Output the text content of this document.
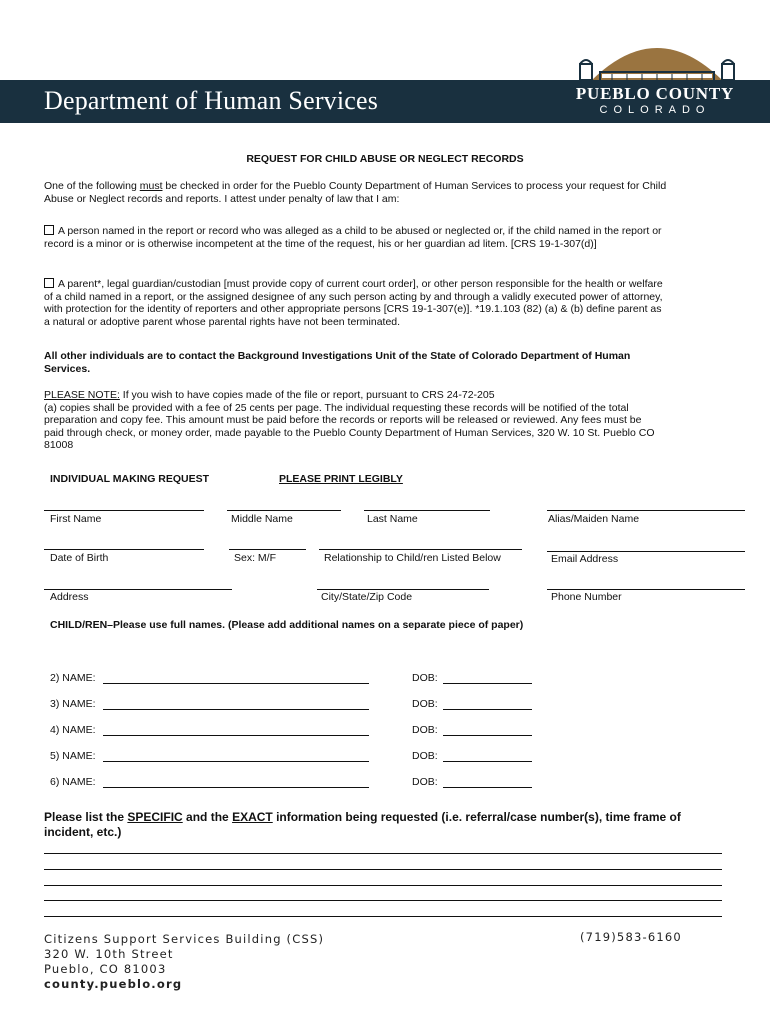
Department of Human Services	PUEBLO COUNTY
COLORADO
REQUEST FOR CHILD ABUSE OR NEGLECT RECORDS
One of the following must be checked in order for the Pueblo County Department of Human Services to process your request for Child
Abuse or Neglect records and reports. I attest under penalty of law that I am:
A person named in the report or record who was alleged as a child to be abused or neglected or, if the child named in the report or
record is a minor or is otherwise incompetent at the time of the request, his or her guardian ad litem. [CRS 19-1-307(d)]
A parent*, legal guardian/custodian [must provide copy of current court order], or other person responsible for the health or welfare
of a child named in a report, or the assigned designee of any such person acting by and through a validly executed power of attorney,
with protection for the identity of reporters and other appropriate persons [CRS 19-1-307(e)]. *19.1.103 (82) (a) & (b) define parent as
a natural or adoptive parent whose parental rights have not been terminated.
All other individuals are to contact the Background Investigations Unit of the State of Colorado Department of Human
Services.
PLEASE NOTE: If you wish to have copies made of the file or report, pursuant to CRS 24-72-205
(a) copies shall be provided with a fee of 25 cents per page. The individual requesting these records will be notified of the total
preparation and copy fee. This amount must be paid before the records or reports will be released or reviewed. Any fees must be
paid through check, or money order, made payable to the Pueblo County Department of Human Services, 320 W. 10 St. Pueblo CO
81008
INDIVIDUAL MAKING REQUEST	PLEASE PRINT LEGIBLY
First Name	Middle Name	Last Name	Alias/Maiden Name
Date of Birth	Sex: M/F	Relationship to Child/ren Listed Below	Email Address
Address	City/State/Zip Code	Phone Number
CHILD/REN–Please use full names. (Please add additional names on a separate piece of paper)
2) NAME:	DOB:
3) NAME:	DOB:
4) NAME:	DOB:
5) NAME:	DOB:
6) NAME:	DOB:
Please list the SPECIFIC and the EXACT information being requested (i.e. referral/case number(s), time frame of
incident, etc.)
Citizens Support Services Building (CSS)
320 W. 10th Street
Pueblo, CO 81003
county.pueblo.org
(719)583-6160
